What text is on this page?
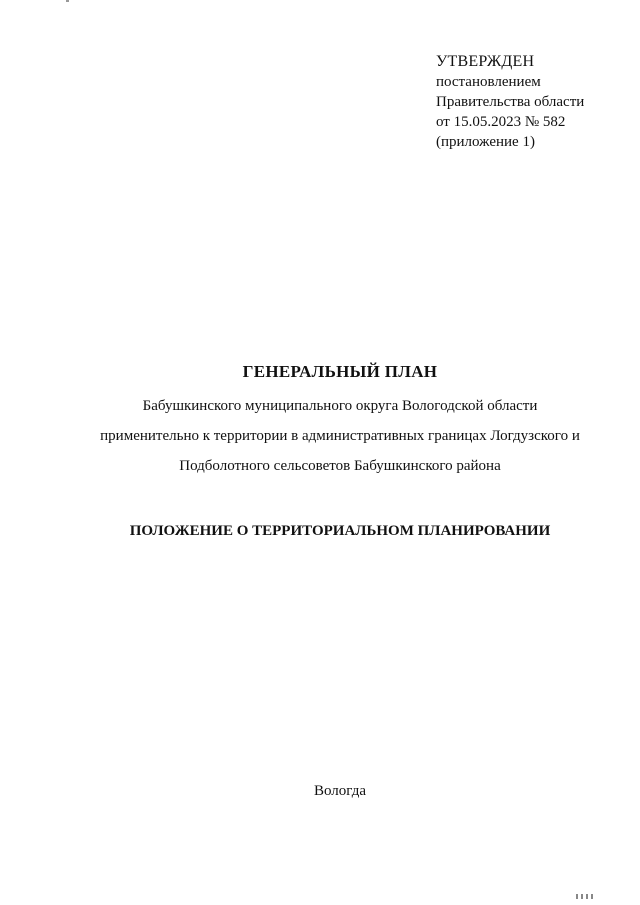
УТВЕРЖДЕН
постановлением
Правительства области
от 15.05.2023 № 582
(приложение 1)
ГЕНЕРАЛЬНЫЙ ПЛАН
Бабушкинского муниципального округа Вологодской области
применительно к территории в административных границах Логдузского и
Подболотного сельсоветов Бабушкинского района
ПОЛОЖЕНИЕ О ТЕРРИТОРИАЛЬНОМ ПЛАНИРОВАНИИ
Вологда
